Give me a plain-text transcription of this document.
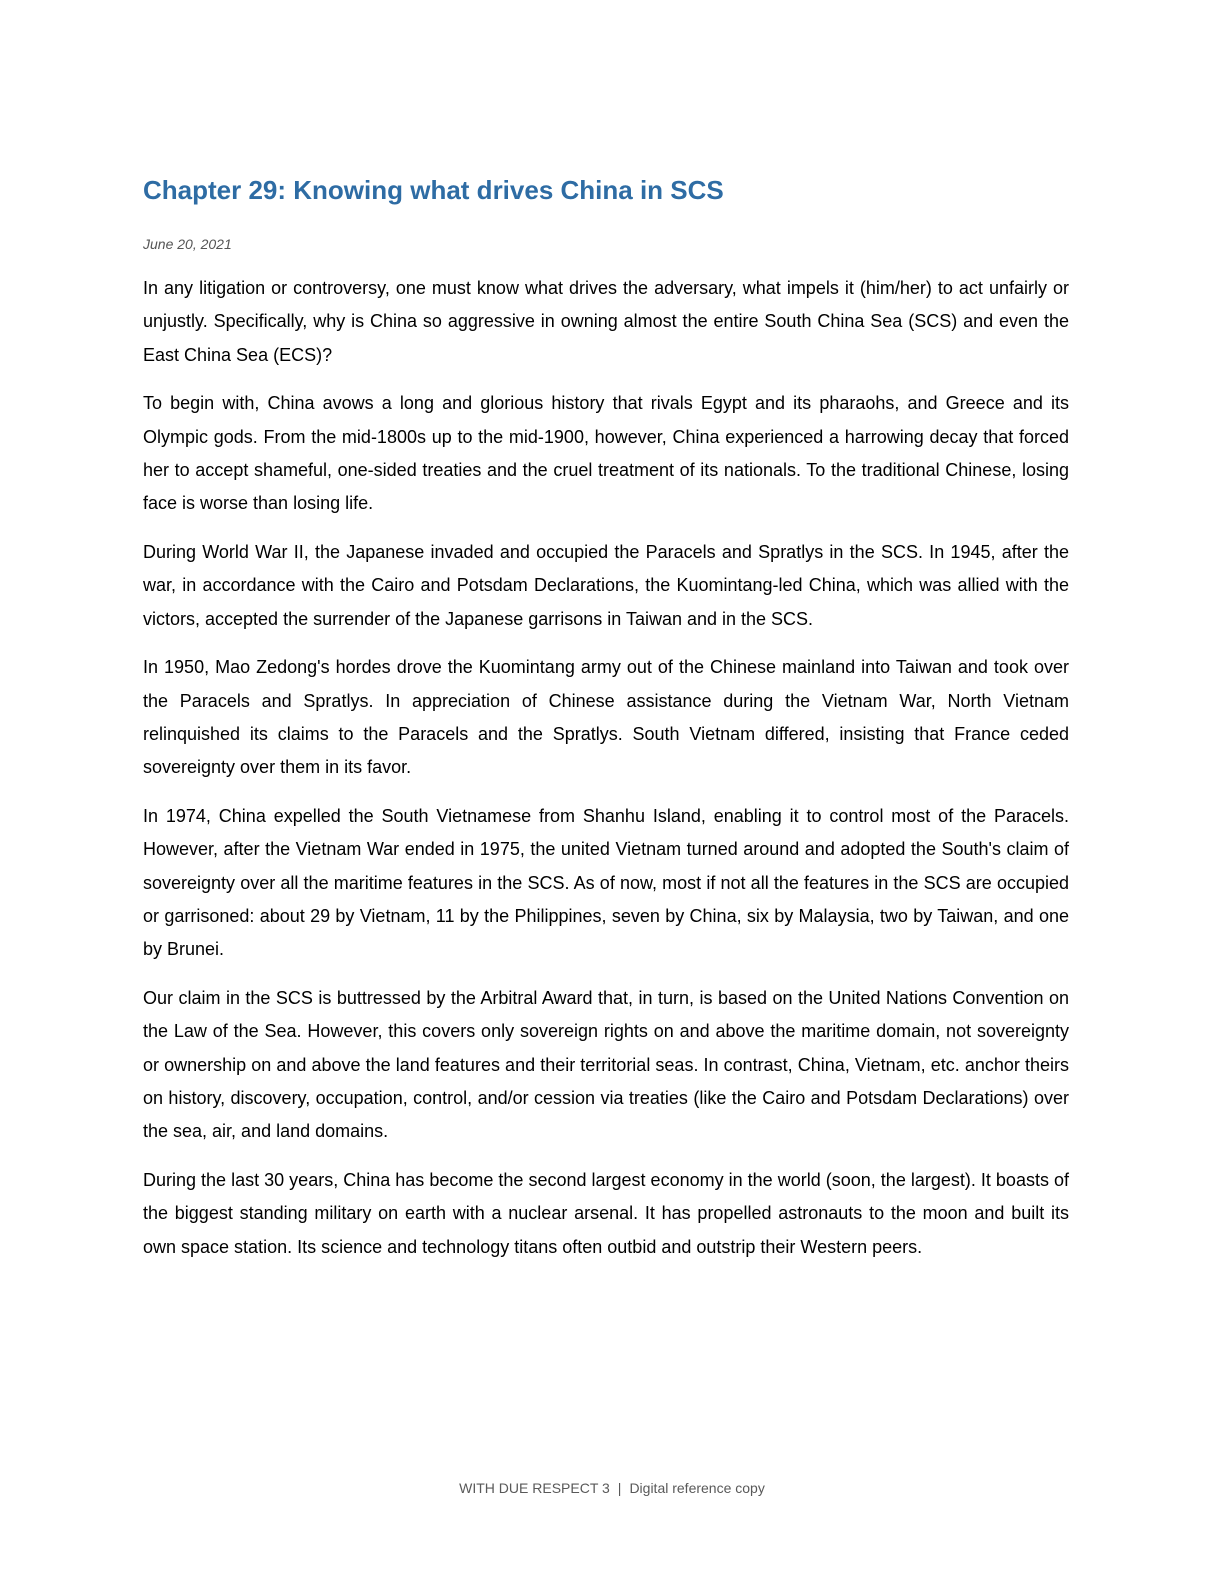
Chapter 29: Knowing what drives China in SCS
June 20, 2021

In any litigation or controversy, one must know what drives the adversary, what impels it (him/her) to act unfairly or unjustly. Specifically, why is China so aggressive in owning almost the entire South China Sea (SCS) and even the East China Sea (ECS)?

To begin with, China avows a long and glorious history that rivals Egypt and its pharaohs, and Greece and its Olympic gods. From the mid-1800s up to the mid-1900, however, China experienced a harrowing decay that forced her to accept shameful, one-sided treaties and the cruel treatment of its nationals. To the traditional Chinese, losing face is worse than losing life.

During World War II, the Japanese invaded and occupied the Paracels and Spratlys in the SCS. In 1945, after the war, in accordance with the Cairo and Potsdam Declarations, the Kuomintang-led China, which was allied with the victors, accepted the surrender of the Japanese garrisons in Taiwan and in the SCS.

In 1950, Mao Zedong's hordes drove the Kuomintang army out of the Chinese mainland into Taiwan and took over the Paracels and Spratlys. In appreciation of Chinese assistance during the Vietnam War, North Vietnam relinquished its claims to the Paracels and the Spratlys. South Vietnam differed, insisting that France ceded sovereignty over them in its favor.

In 1974, China expelled the South Vietnamese from Shanhu Island, enabling it to control most of the Paracels. However, after the Vietnam War ended in 1975, the united Vietnam turned around and adopted the South's claim of sovereignty over all the maritime features in the SCS. As of now, most if not all the features in the SCS are occupied or garrisoned: about 29 by Vietnam, 11 by the Philippines, seven by China, six by Malaysia, two by Taiwan, and one by Brunei.

Our claim in the SCS is buttressed by the Arbitral Award that, in turn, is based on the United Nations Convention on the Law of the Sea. However, this covers only sovereign rights on and above the maritime domain, not sovereignty or ownership on and above the land features and their territorial seas. In contrast, China, Vietnam, etc. anchor theirs on history, discovery, occupation, control, and/or cession via treaties (like the Cairo and Potsdam Declarations) over the sea, air, and land domains.

During the last 30 years, China has become the second largest economy in the world (soon, the largest). It boasts of the biggest standing military on earth with a nuclear arsenal. It has propelled astronauts to the moon and built its own space station. Its science and technology titans often outbid and outstrip their Western peers.

WITH DUE RESPECT 3 | Digital reference copy
